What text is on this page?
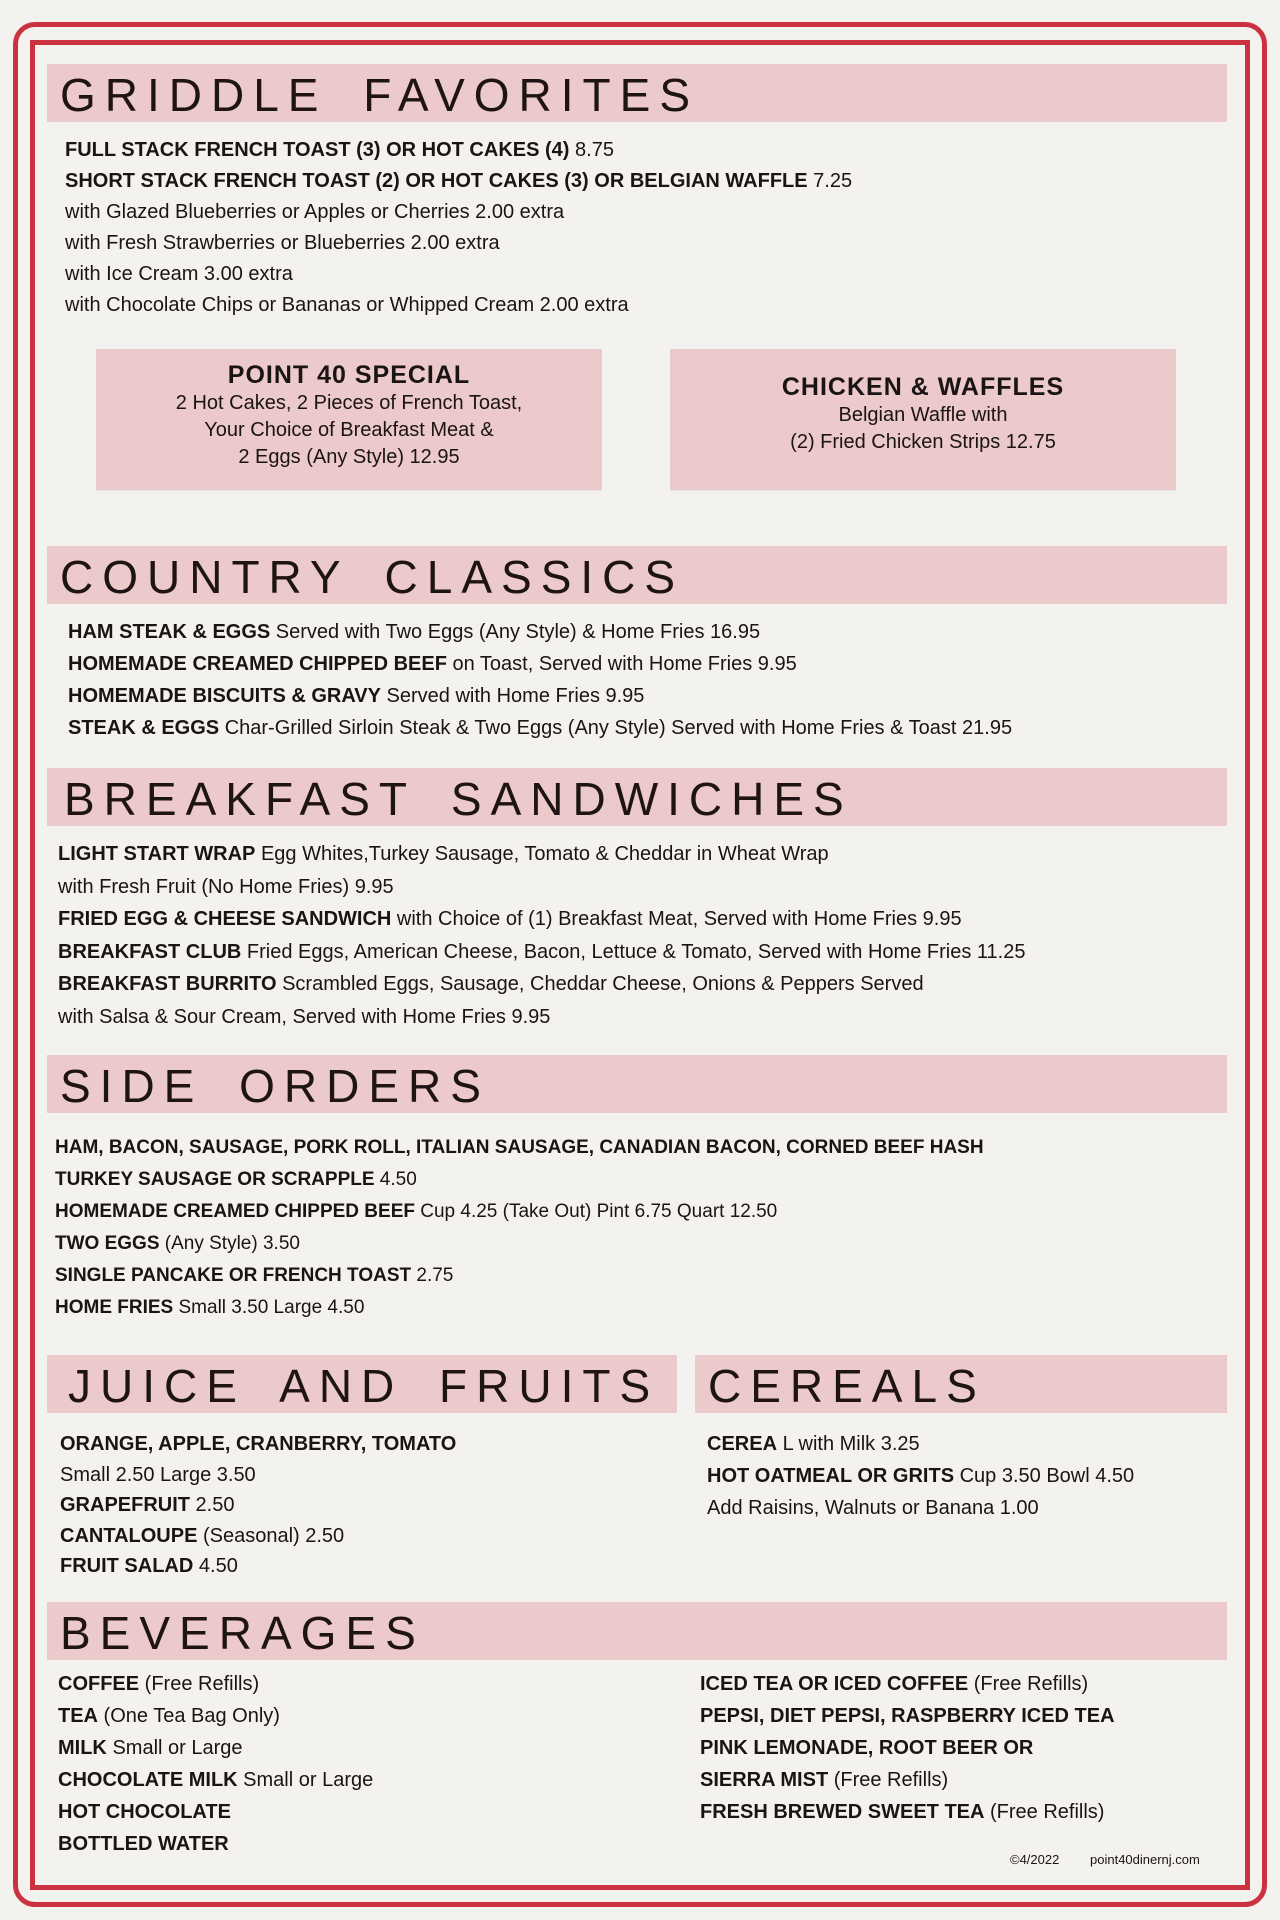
GRIDDLE FAVORITES
FULL STACK FRENCH TOAST (3) OR HOT CAKES (4) 8.75
SHORT STACK FRENCH TOAST (2) OR HOT CAKES (3) OR BELGIAN WAFFLE 7.25
with Glazed Blueberries or Apples or Cherries 2.00 extra
with Fresh Strawberries or Blueberries 2.00 extra
with Ice Cream 3.00 extra
with Chocolate Chips or Bananas or Whipped Cream 2.00 extra
POINT 40 SPECIAL
2 Hot Cakes, 2 Pieces of French Toast,
Your Choice of Breakfast Meat &
2 Eggs (Any Style) 12.95
CHICKEN & WAFFLES
Belgian Waffle with
(2) Fried Chicken Strips 12.75
COUNTRY CLASSICS
HAM STEAK & EGGS Served with Two Eggs (Any Style) & Home Fries 16.95
HOMEMADE CREAMED CHIPPED BEEF on Toast, Served with Home Fries 9.95
HOMEMADE BISCUITS & GRAVY Served with Home Fries 9.95
STEAK & EGGS Char-Grilled Sirloin Steak & Two Eggs (Any Style) Served with Home Fries & Toast 21.95
BREAKFAST SANDWICHES
LIGHT START WRAP Egg Whites,Turkey Sausage, Tomato & Cheddar in Wheat Wrap
with Fresh Fruit (No Home Fries) 9.95
FRIED EGG & CHEESE SANDWICH with Choice of (1) Breakfast Meat, Served with Home Fries 9.95
BREAKFAST CLUB Fried Eggs, American Cheese, Bacon, Lettuce & Tomato, Served with Home Fries 11.25
BREAKFAST BURRITO Scrambled Eggs, Sausage, Cheddar Cheese, Onions & Peppers Served
with Salsa & Sour Cream, Served with Home Fries 9.95
SIDE ORDERS
HAM, BACON, SAUSAGE, PORK ROLL, ITALIAN SAUSAGE, CANADIAN BACON, CORNED BEEF HASH
TURKEY SAUSAGE OR SCRAPPLE 4.50
HOMEMADE CREAMED CHIPPED BEEF Cup 4.25 (Take Out) Pint 6.75 Quart 12.50
TWO EGGS (Any Style) 3.50
SINGLE PANCAKE OR FRENCH TOAST 2.75
HOME FRIES Small 3.50 Large 4.50
JUICE AND FRUITS CEREALS
ORANGE, APPLE, CRANBERRY, TOMATO
Small 2.50 Large 3.50
GRAPEFRUIT 2.50
CANTALOUPE (Seasonal) 2.50
FRUIT SALAD 4.50
CEREA L with Milk 3.25
HOT OATMEAL OR GRITS Cup 3.50 Bowl 4.50
Add Raisins, Walnuts or Banana 1.00
BEVERAGES
COFFEE (Free Refills)
TEA (One Tea Bag Only)
MILK Small or Large
CHOCOLATE MILK Small or Large
HOT CHOCOLATE
BOTTLED WATER
ICED TEA OR ICED COFFEE (Free Refills)
PEPSI, DIET PEPSI, RASPBERRY ICED TEA
PINK LEMONADE, ROOT BEER OR
SIERRA MIST (Free Refills)
FRESH BREWED SWEET TEA (Free Refills)
©4/2022 point40dinernj.com
